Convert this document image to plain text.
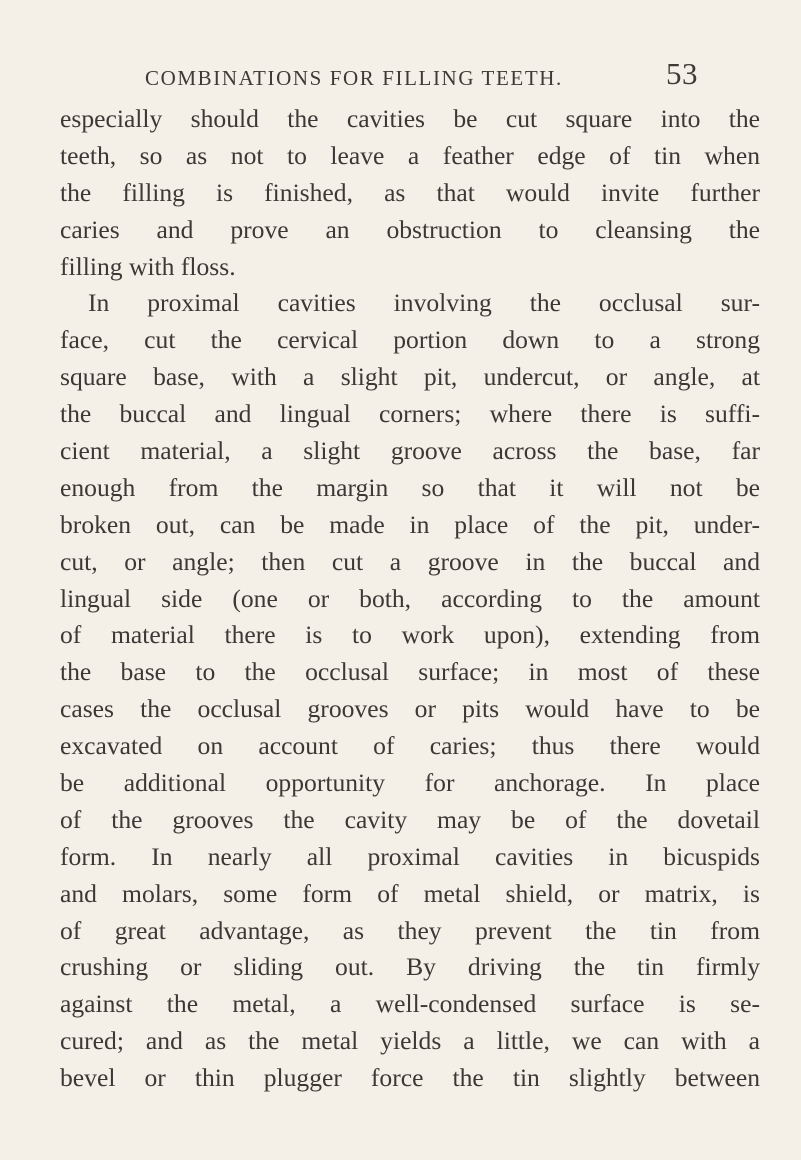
COMBINATIONS FOR FILLING TEETH.	53
especially should the cavities be cut square into the
teeth, so as not to leave a feather edge of tin when
the filling is finished, as that would invite further
caries and prove an obstruction to cleansing the
filling with floss.
In proximal cavities involving the occlusal sur-
face, cut the cervical portion down to a strong
square base, with a slight pit, undercut, or angle, at
the buccal and lingual corners; where there is suffi-
cient material, a slight groove across the base, far
enough from the margin so that it will not be
broken out, can be made in place of the pit, under-
cut, or angle; then cut a groove in the buccal and
lingual side (one or both, according to the amount
of material there is to work upon), extending from
the base to the occlusal surface; in most of these
cases the occlusal grooves or pits would have to be
excavated on account of caries; thus there would
be additional opportunity for anchorage. In place
of the grooves the cavity may be of the dovetail
form. In nearly all proximal cavities in bicuspids
and molars, some form of metal shield, or matrix, is
of great advantage, as they prevent the tin from
crushing or sliding out. By driving the tin firmly
against the metal, a well-condensed surface is se-
cured; and as the metal yields a little, we can with a
bevel or thin plugger force the tin slightly between
